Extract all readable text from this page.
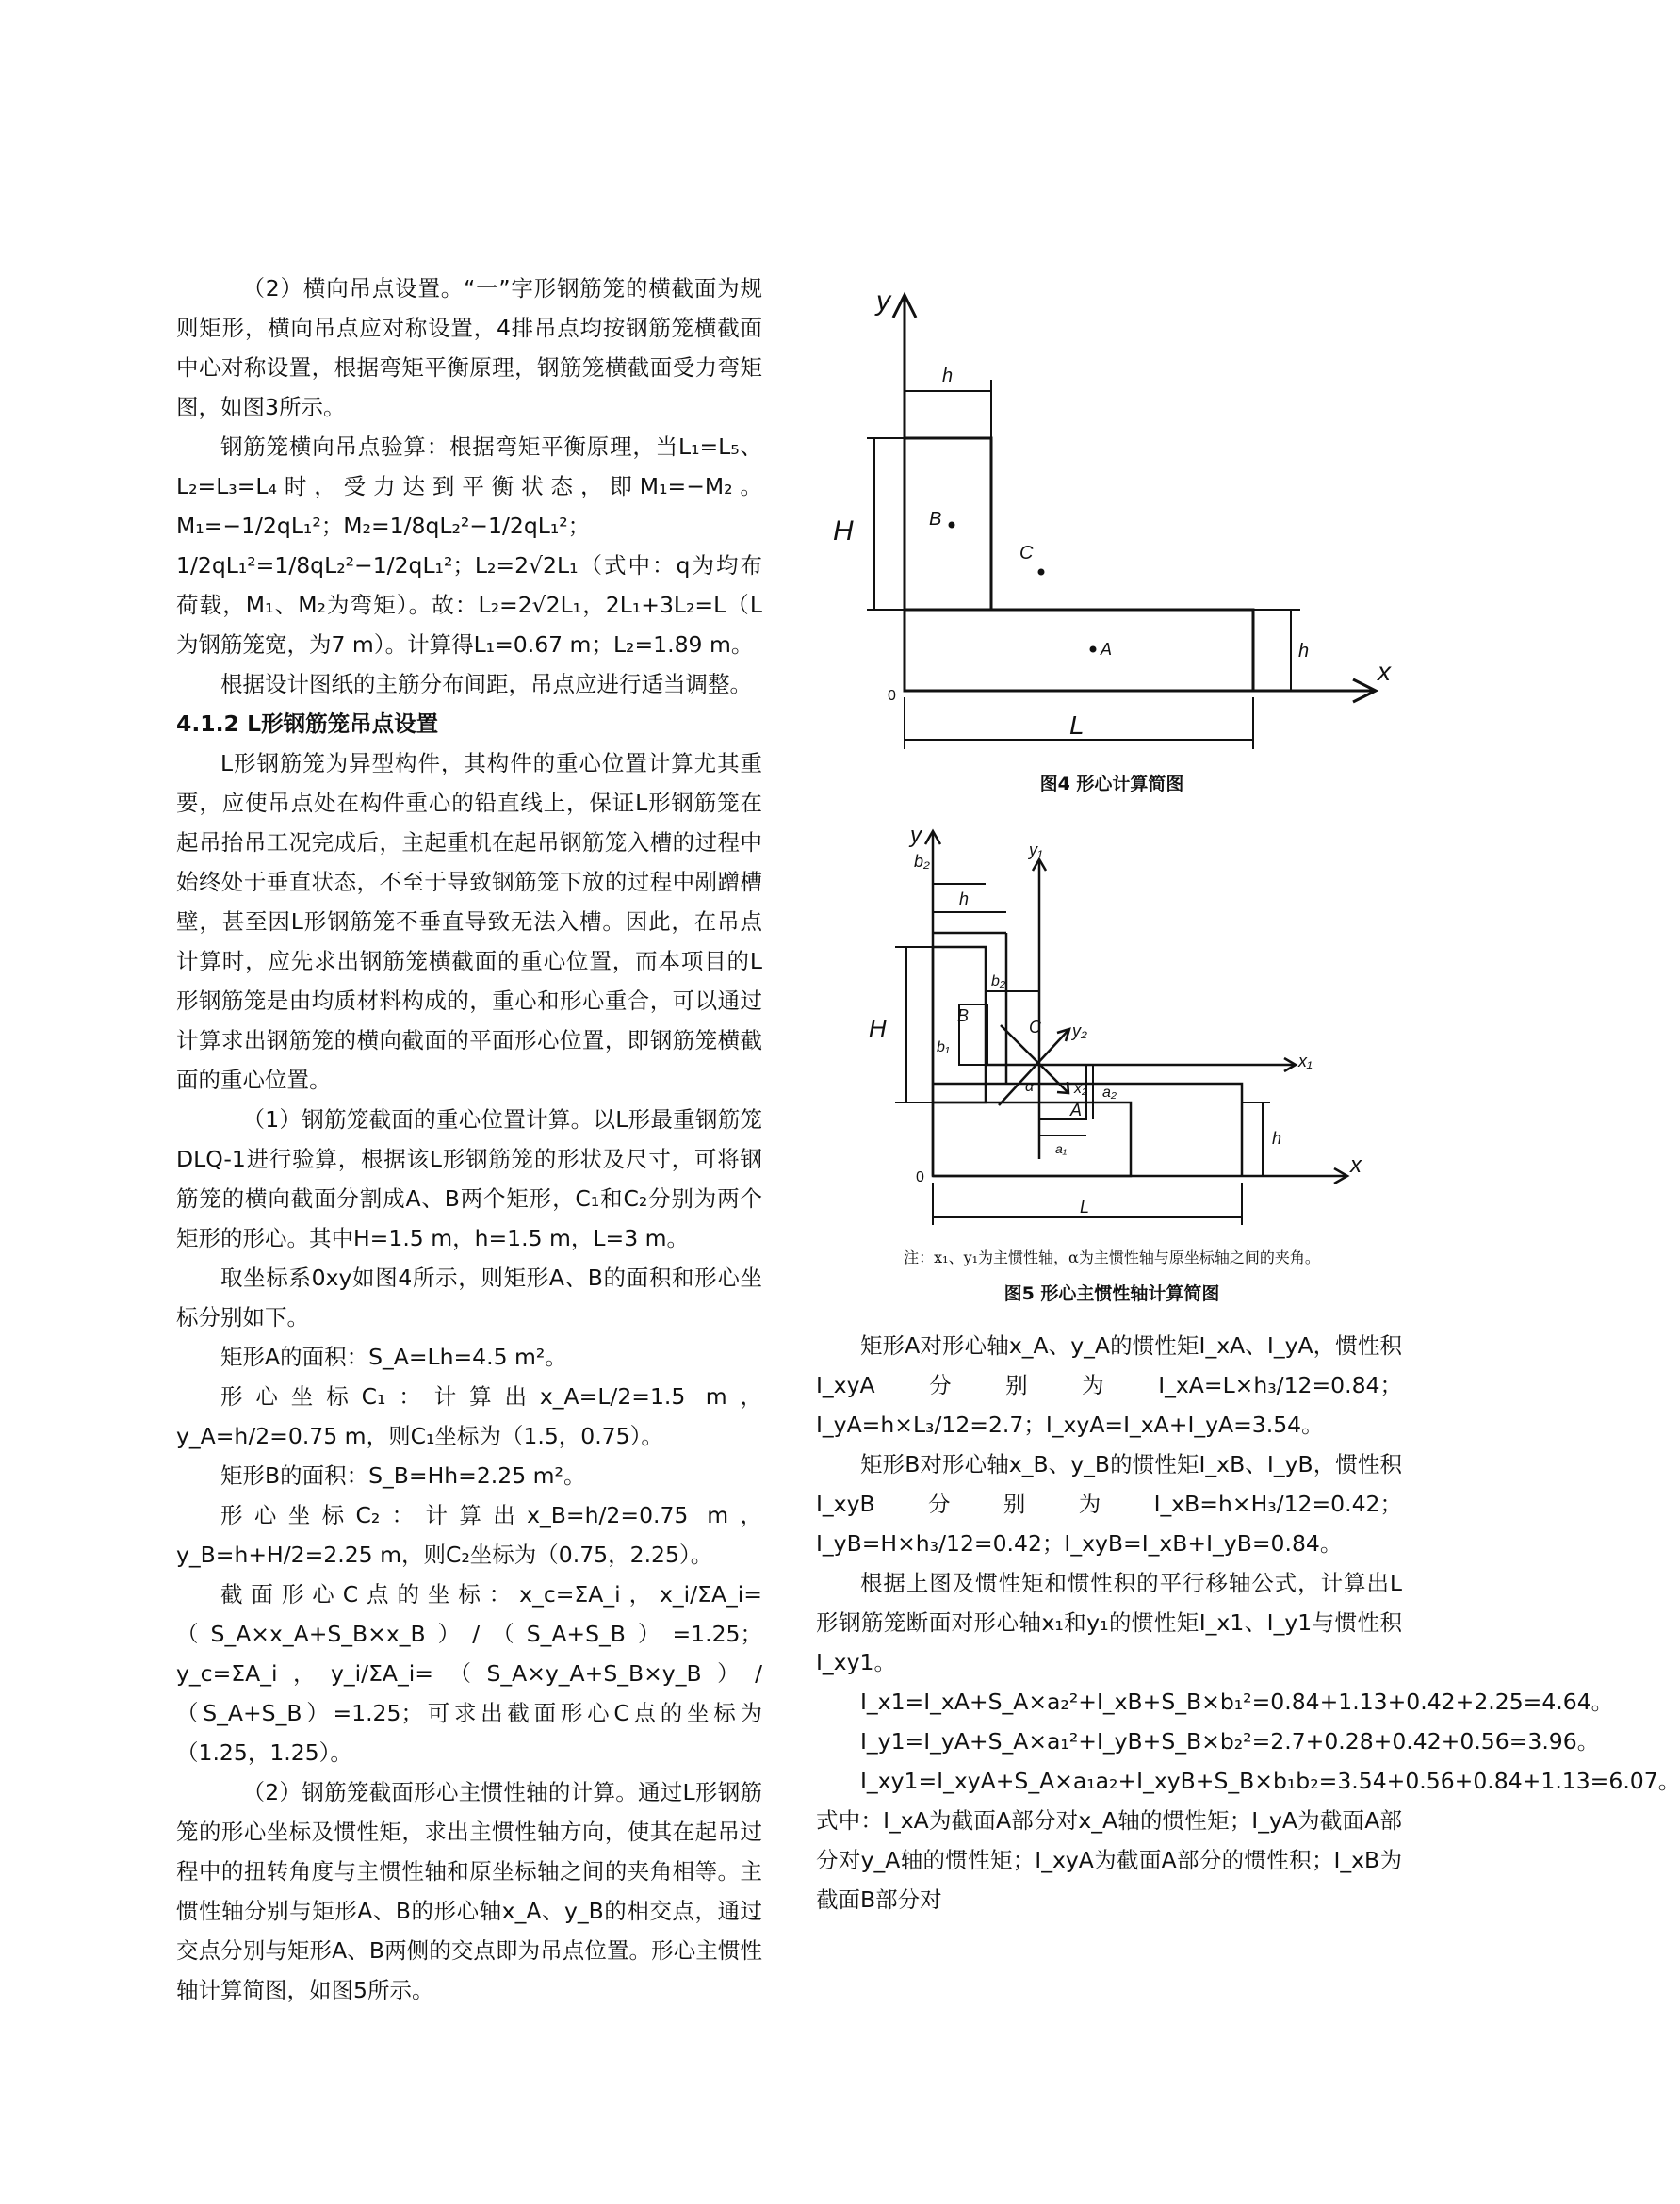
（2）横向吊点设置。“一”字形钢筋笼的横截面为规则矩形，横向吊点应对称设置，4排吊点均按钢筋笼横截面中心对称设置，根据弯矩平衡原理，钢筋笼横截面受力弯矩图，如图3所示。

钢筋笼横向吊点验算：根据弯矩平衡原理，当L₁=L₅、L₂=L₃=L₄时，受力达到平衡状态，即M₁=−M₂。M₁=−1/2qL₁²；M₂=1/8qL₂²−1/2qL₁²；1/2qL₁²=1/8qL₂²−1/2qL₁²；L₂=2√2L₁（式中：q为均布荷载，M₁、M₂为弯矩）。故：L₂=2√2L₁，2L₁+3L₂=L（L为钢筋笼宽，为7 m）。计算得L₁=0.67 m；L₂=1.89 m。

根据设计图纸的主筋分布间距，吊点应进行适当调整。

4.1.2 L形钢筋笼吊点设置

L形钢筋笼为异型构件，其构件的重心位置计算尤其重要，应使吊点处在构件重心的铅直线上，保证L形钢筋笼在起吊抬吊工况完成后，主起重机在起吊钢筋笼入槽的过程中始终处于垂直状态，不至于导致钢筋笼下放的过程中剐蹭槽壁，甚至因L形钢筋笼不垂直导致无法入槽。因此，在吊点计算时，应先求出钢筋笼横截面的重心位置，而本项目的L形钢筋笼是由均质材料构成的，重心和形心重合，可以通过计算求出钢筋笼的横向截面的平面形心位置，即钢筋笼横截面的重心位置。

（1）钢筋笼截面的重心位置计算。以L形最重钢筋笼DLQ-1进行验算，根据该L形钢筋笼的形状及尺寸，可将钢筋笼的横向截面分割成A、B两个矩形，C₁和C₂分别为两个矩形的形心。其中H=1.5 m，h=1.5 m，L=3 m。

取坐标系0xy如图4所示，则矩形A、B的面积和形心坐标分别如下。

矩形A的面积：S_A=Lh=4.5 m²。

形心坐标C₁：计算出x_A=L/2=1.5 m，y_A=h/2=0.75 m，则C₁坐标为（1.5，0.75）。

矩形B的面积：S_B=Hh=2.25 m²。

形心坐标C₂：计算出x_B=h/2=0.75 m，y_B=h+H/2=2.25 m，则C₂坐标为（0.75，2.25）。

截面形心C点的坐标：x_c=ΣA_i，x_i/ΣA_i=（S_A×x_A+S_B×x_B）/（S_A+S_B）=1.25；y_c=ΣA_i，y_i/ΣA_i=（S_A×y_A+S_B×y_B）/（S_A+S_B）=1.25；可求出截面形心C点的坐标为（1.25，1.25）。

（2）钢筋笼截面形心主惯性轴的计算。通过L形钢筋笼的形心坐标及惯性矩，求出主惯性轴方向，使其在起吊过程中的扭转角度与主惯性轴和原坐标轴之间的夹角相等。主惯性轴分别与矩形A、B的形心轴x_A、y_B的相交点，通过交点分别与矩形A、B两侧的交点即为吊点位置。形心主惯性轴计算简图，如图5所示。

y
x
0
h
H
h
L
B
C
A
图4 形心计算简图
y
x
y₁
x₁
y₂
x₂
b₂
h
H
b₂
B
b₁
C
α	a₂
A
a₁
h
0
L
注：x₁、y₁为主惯性轴，α为主惯性轴与原坐标轴之间的夹角。
图5 形心主惯性轴计算简图

矩形A对形心轴x_A、y_A的惯性矩I_xA、I_yA，惯性积I_xyA分别为I_xA=L×h₃/12=0.84；I_yA=h×L₃/12=2.7；I_xyA=I_xA+I_yA=3.54。

矩形B对形心轴x_B、y_B的惯性矩I_xB、I_yB，惯性积I_xyB分别为I_xB=h×H₃/12=0.42；I_yB=H×h₃/12=0.42；I_xyB=I_xB+I_yB=0.84。

根据上图及惯性矩和惯性积的平行移轴公式，计算出L形钢筋笼断面对形心轴x₁和y₁的惯性矩I_x1、I_y1与惯性积I_xy1。

I_x1=I_xA+S_A×a₂²+I_xB+S_B×b₁²=0.84+1.13+0.42+2.25=4.64。

I_y1=I_yA+S_A×a₁²+I_yB+S_B×b₂²=2.7+0.28+0.42+0.56=3.96。

I_xy1=I_xyA+S_A×a₁a₂+I_xyB+S_B×b₁b₂=3.54+0.56+0.84+1.13=6.07。

式中：I_xA为截面A部分对x_A轴的惯性矩；I_yA为截面A部分对y_A轴的惯性矩；I_xyA为截面A部分的惯性积；I_xB为截面B部分对
